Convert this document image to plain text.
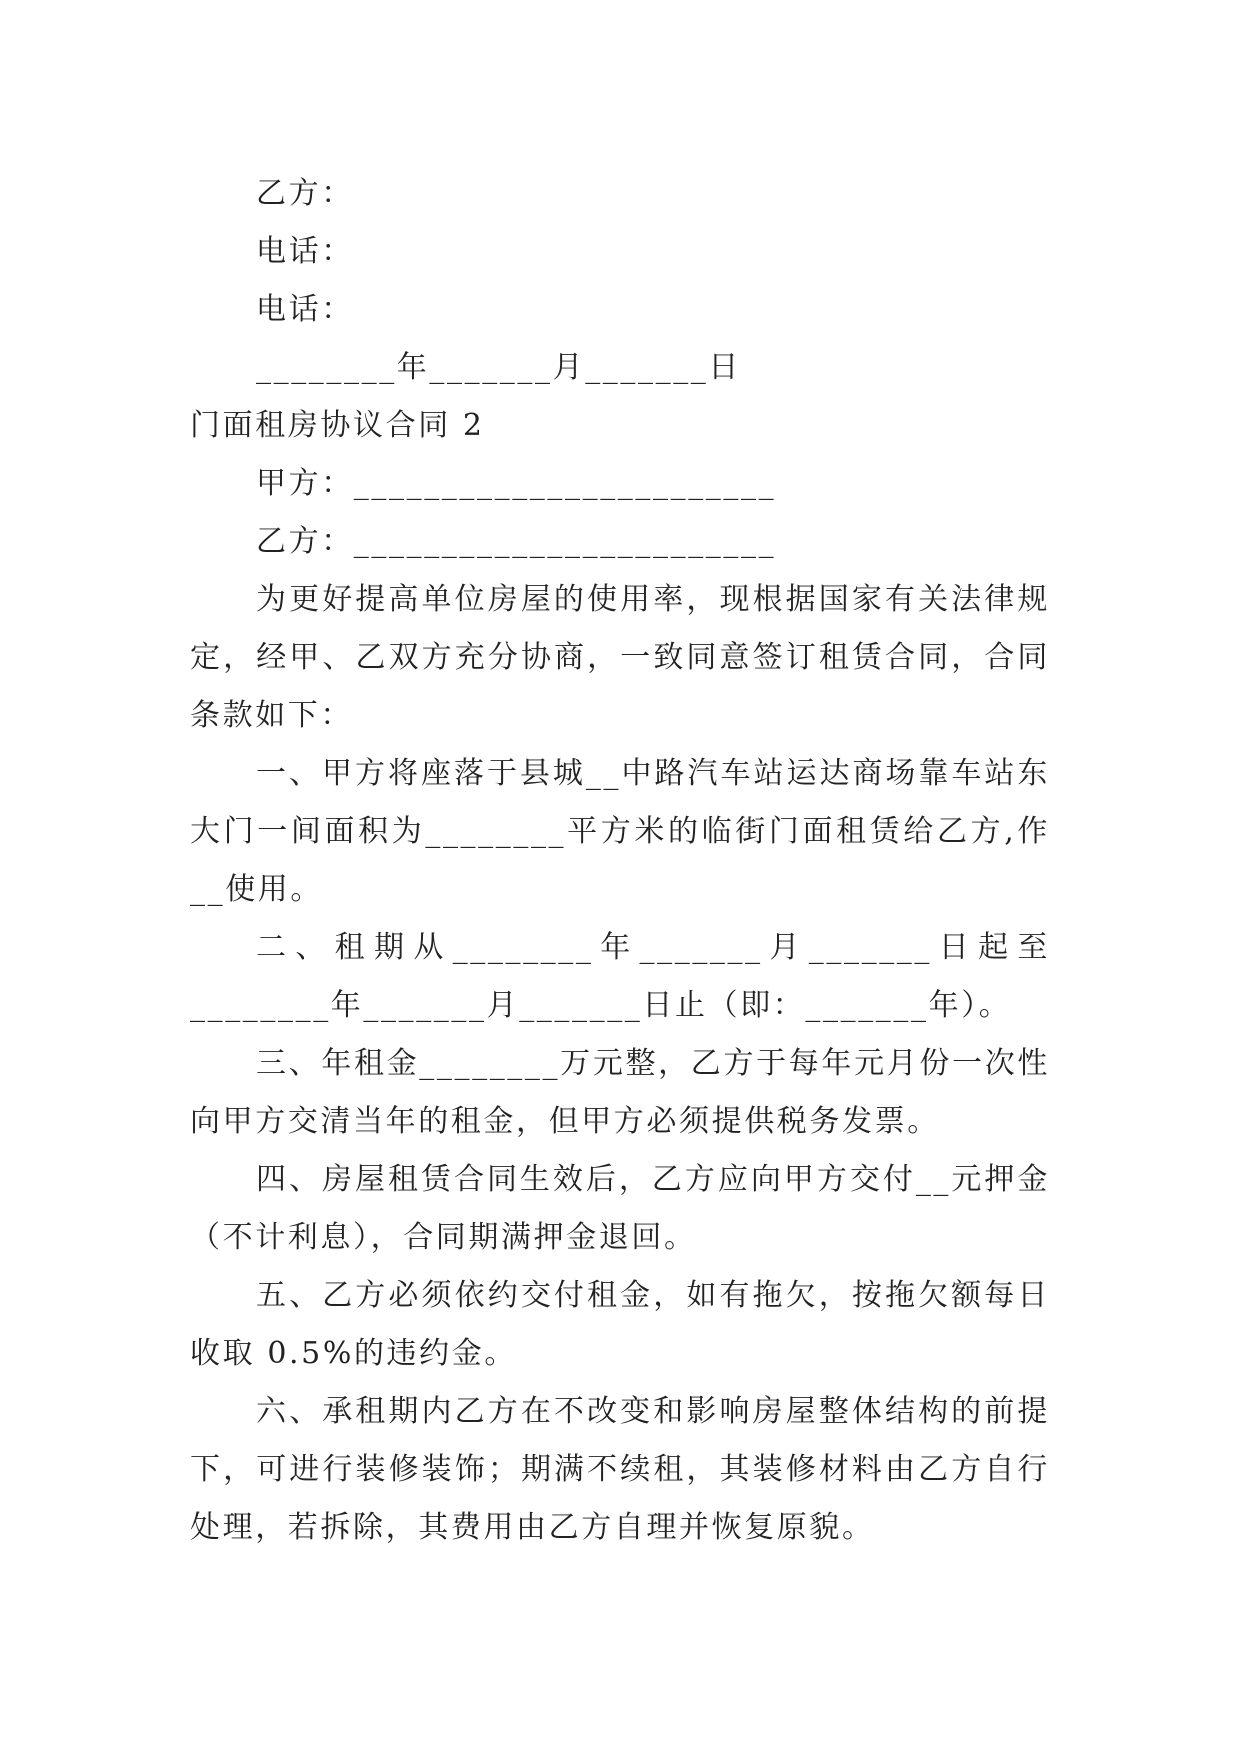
乙方：
电话：
电话：
________年_______月_______日
门面租房协议合同 2
甲方：________________________
乙方：________________________

为更好提高单位房屋的使用率，现根据国家有关法律规定，经甲、乙双方充分协商，一致同意签订租赁合同，合同条款如下：

一、甲方将座落于县城__中路汽车站运达商场靠车站东大门一间面积为________平方米的临街门面租赁给乙方,作__使用。

二、租期从________年_______月_______日起至________年_______月_______日止（即：_______年）。

三、年租金________万元整，乙方于每年元月份一次性向甲方交清当年的租金，但甲方必须提供税务发票。

四、房屋租赁合同生效后，乙方应向甲方交付__元押金（不计利息），合同期满押金退回。

五、乙方必须依约交付租金，如有拖欠，按拖欠额每日收取 0.5%的违约金。

六、承租期内乙方在不改变和影响房屋整体结构的前提下，可进行装修装饰；期满不续租，其装修材料由乙方自行处理，若拆除，其费用由乙方自理并恢复原貌。
